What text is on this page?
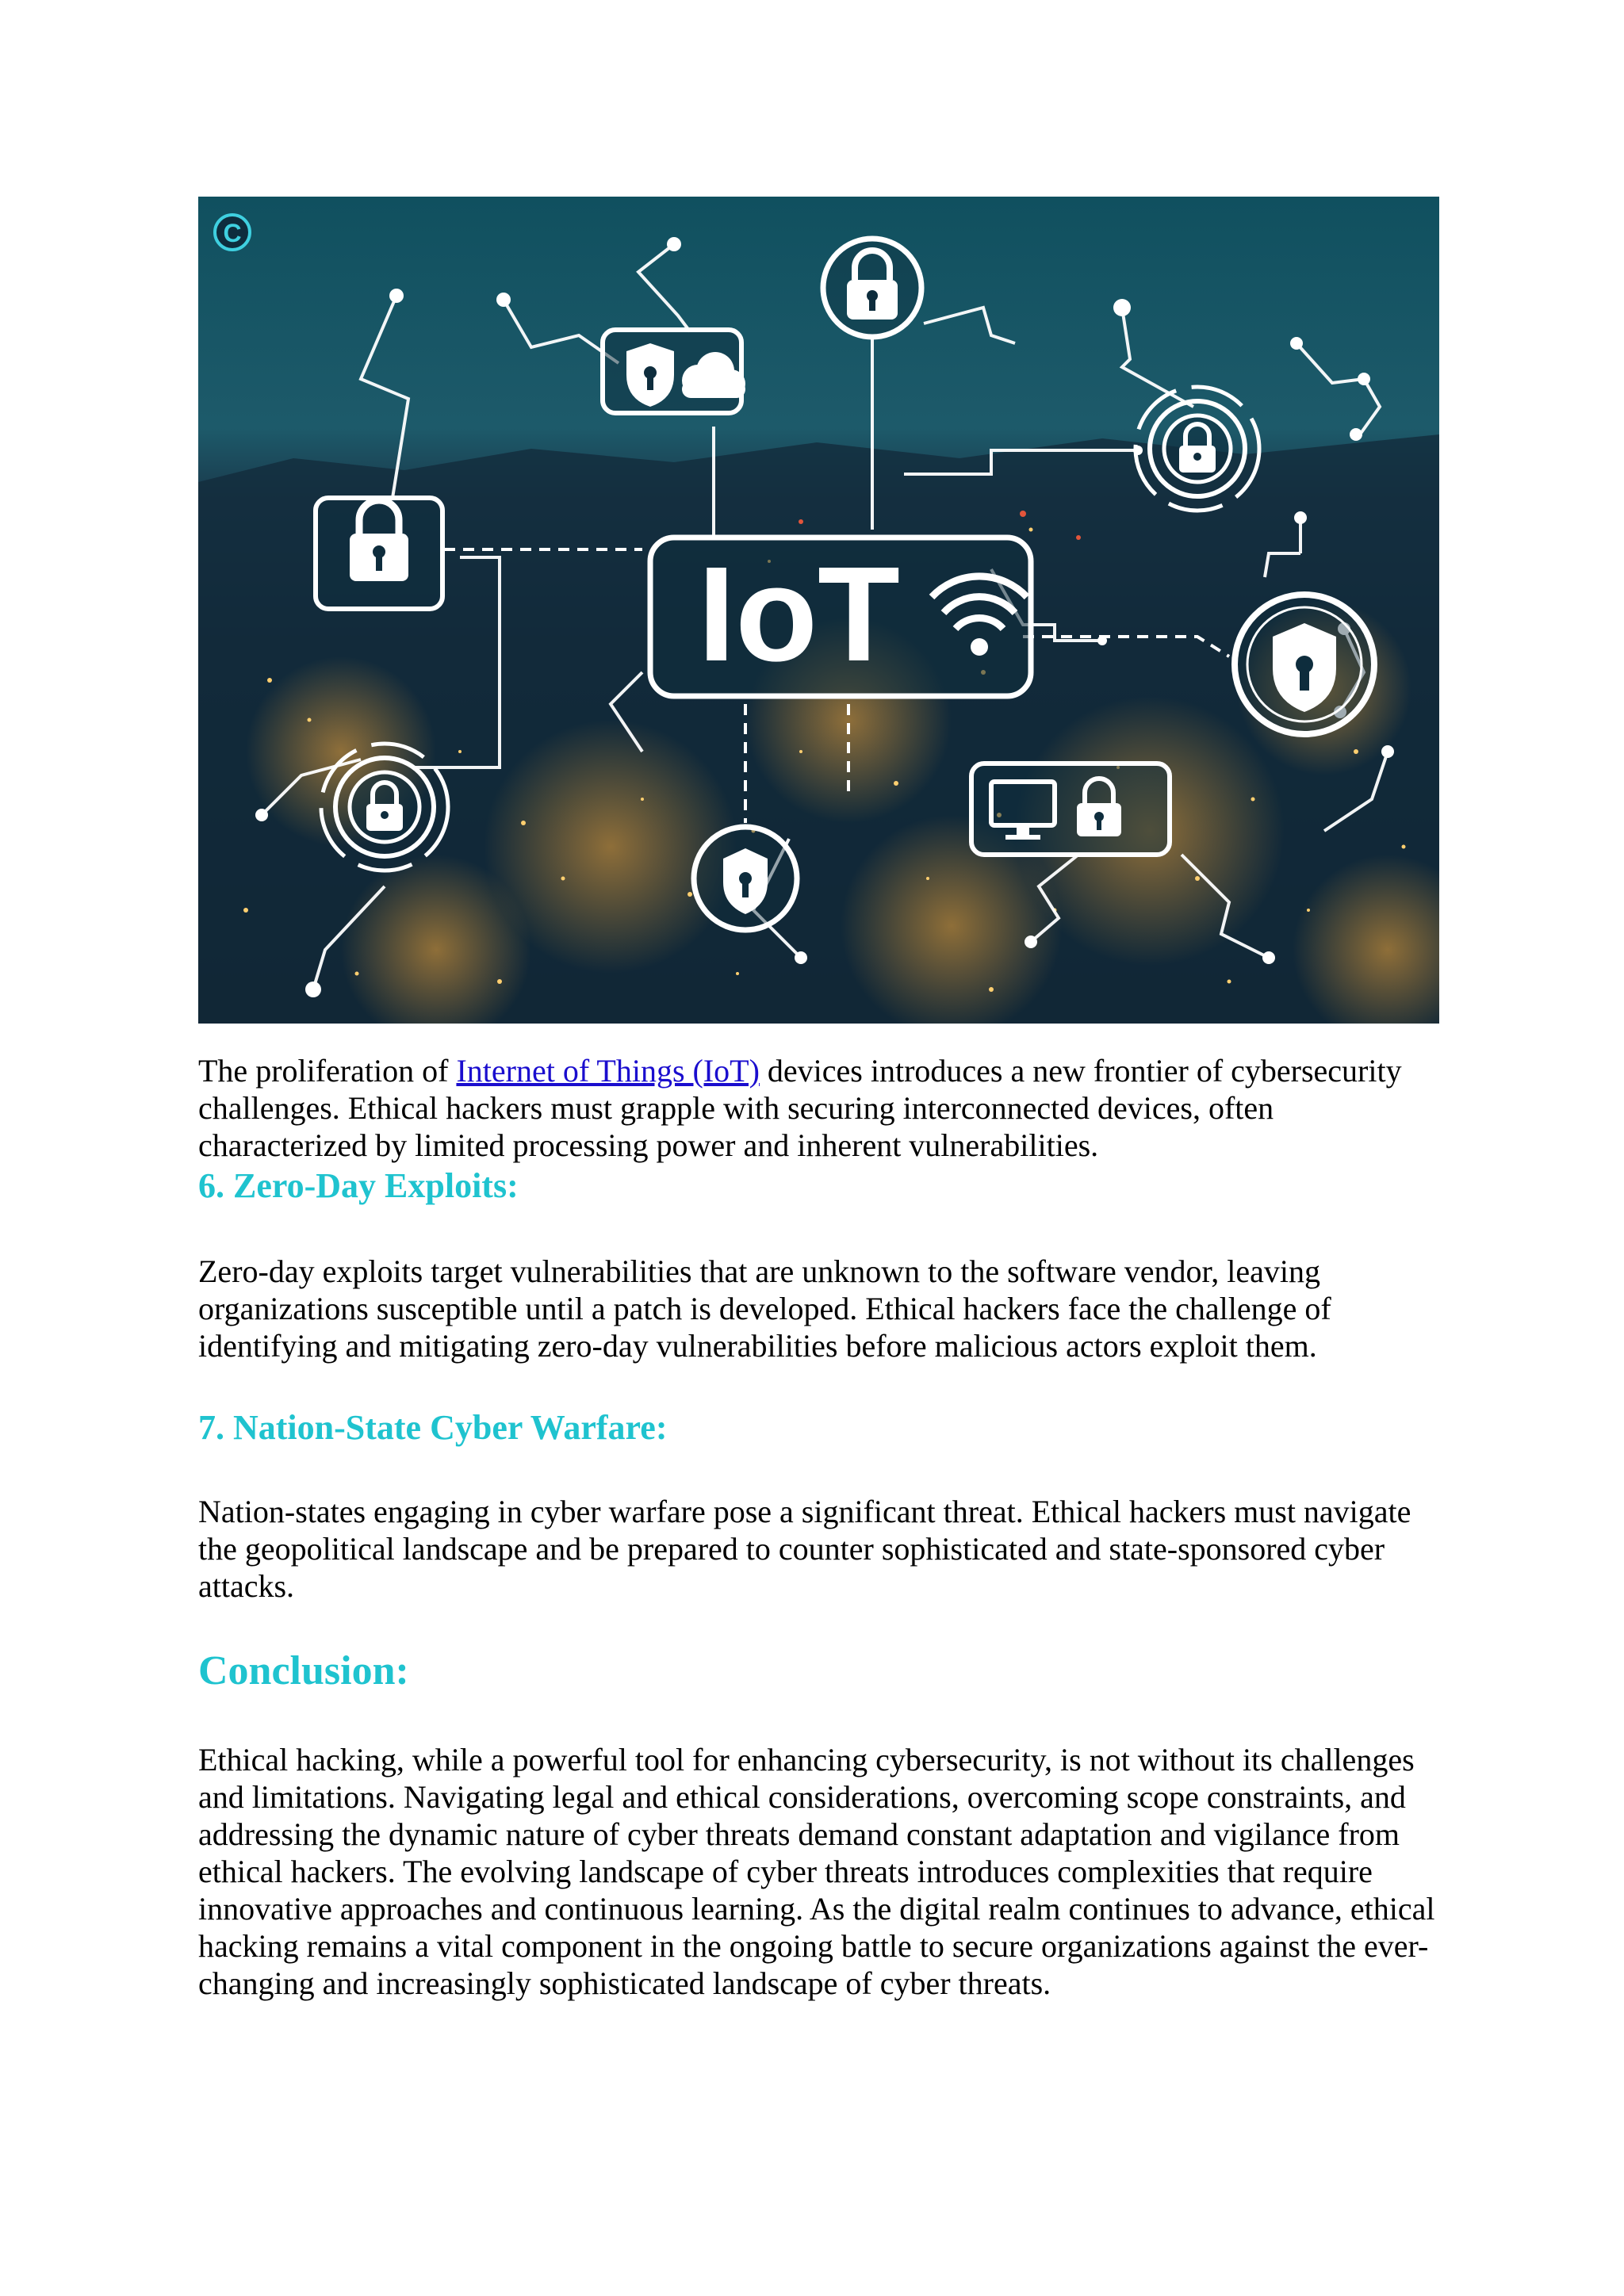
IoT
C

The proliferation of Internet of Things (IoT) devices introduces a new frontier of cybersecurity challenges. Ethical hackers must grapple with securing interconnected devices, often characterized by limited processing power and inherent vulnerabilities.

6. Zero-Day Exploits:

Zero-day exploits target vulnerabilities that are unknown to the software vendor, leaving organizations susceptible until a patch is developed. Ethical hackers face the challenge of identifying and mitigating zero-day vulnerabilities before malicious actors exploit them.

7. Nation-State Cyber Warfare:

Nation-states engaging in cyber warfare pose a significant threat. Ethical hackers must navigate the geopolitical landscape and be prepared to counter sophisticated and state-sponsored cyber attacks.

Conclusion:

Ethical hacking, while a powerful tool for enhancing cybersecurity, is not without its challenges and limitations. Navigating legal and ethical considerations, overcoming scope constraints, and addressing the dynamic nature of cyber threats demand constant adaptation and vigilance from ethical hackers. The evolving landscape of cyber threats introduces complexities that require innovative approaches and continuous learning. As the digital realm continues to advance, ethical hacking remains a vital component in the ongoing battle to secure organizations against the ever-changing and increasingly sophisticated landscape of cyber threats.
